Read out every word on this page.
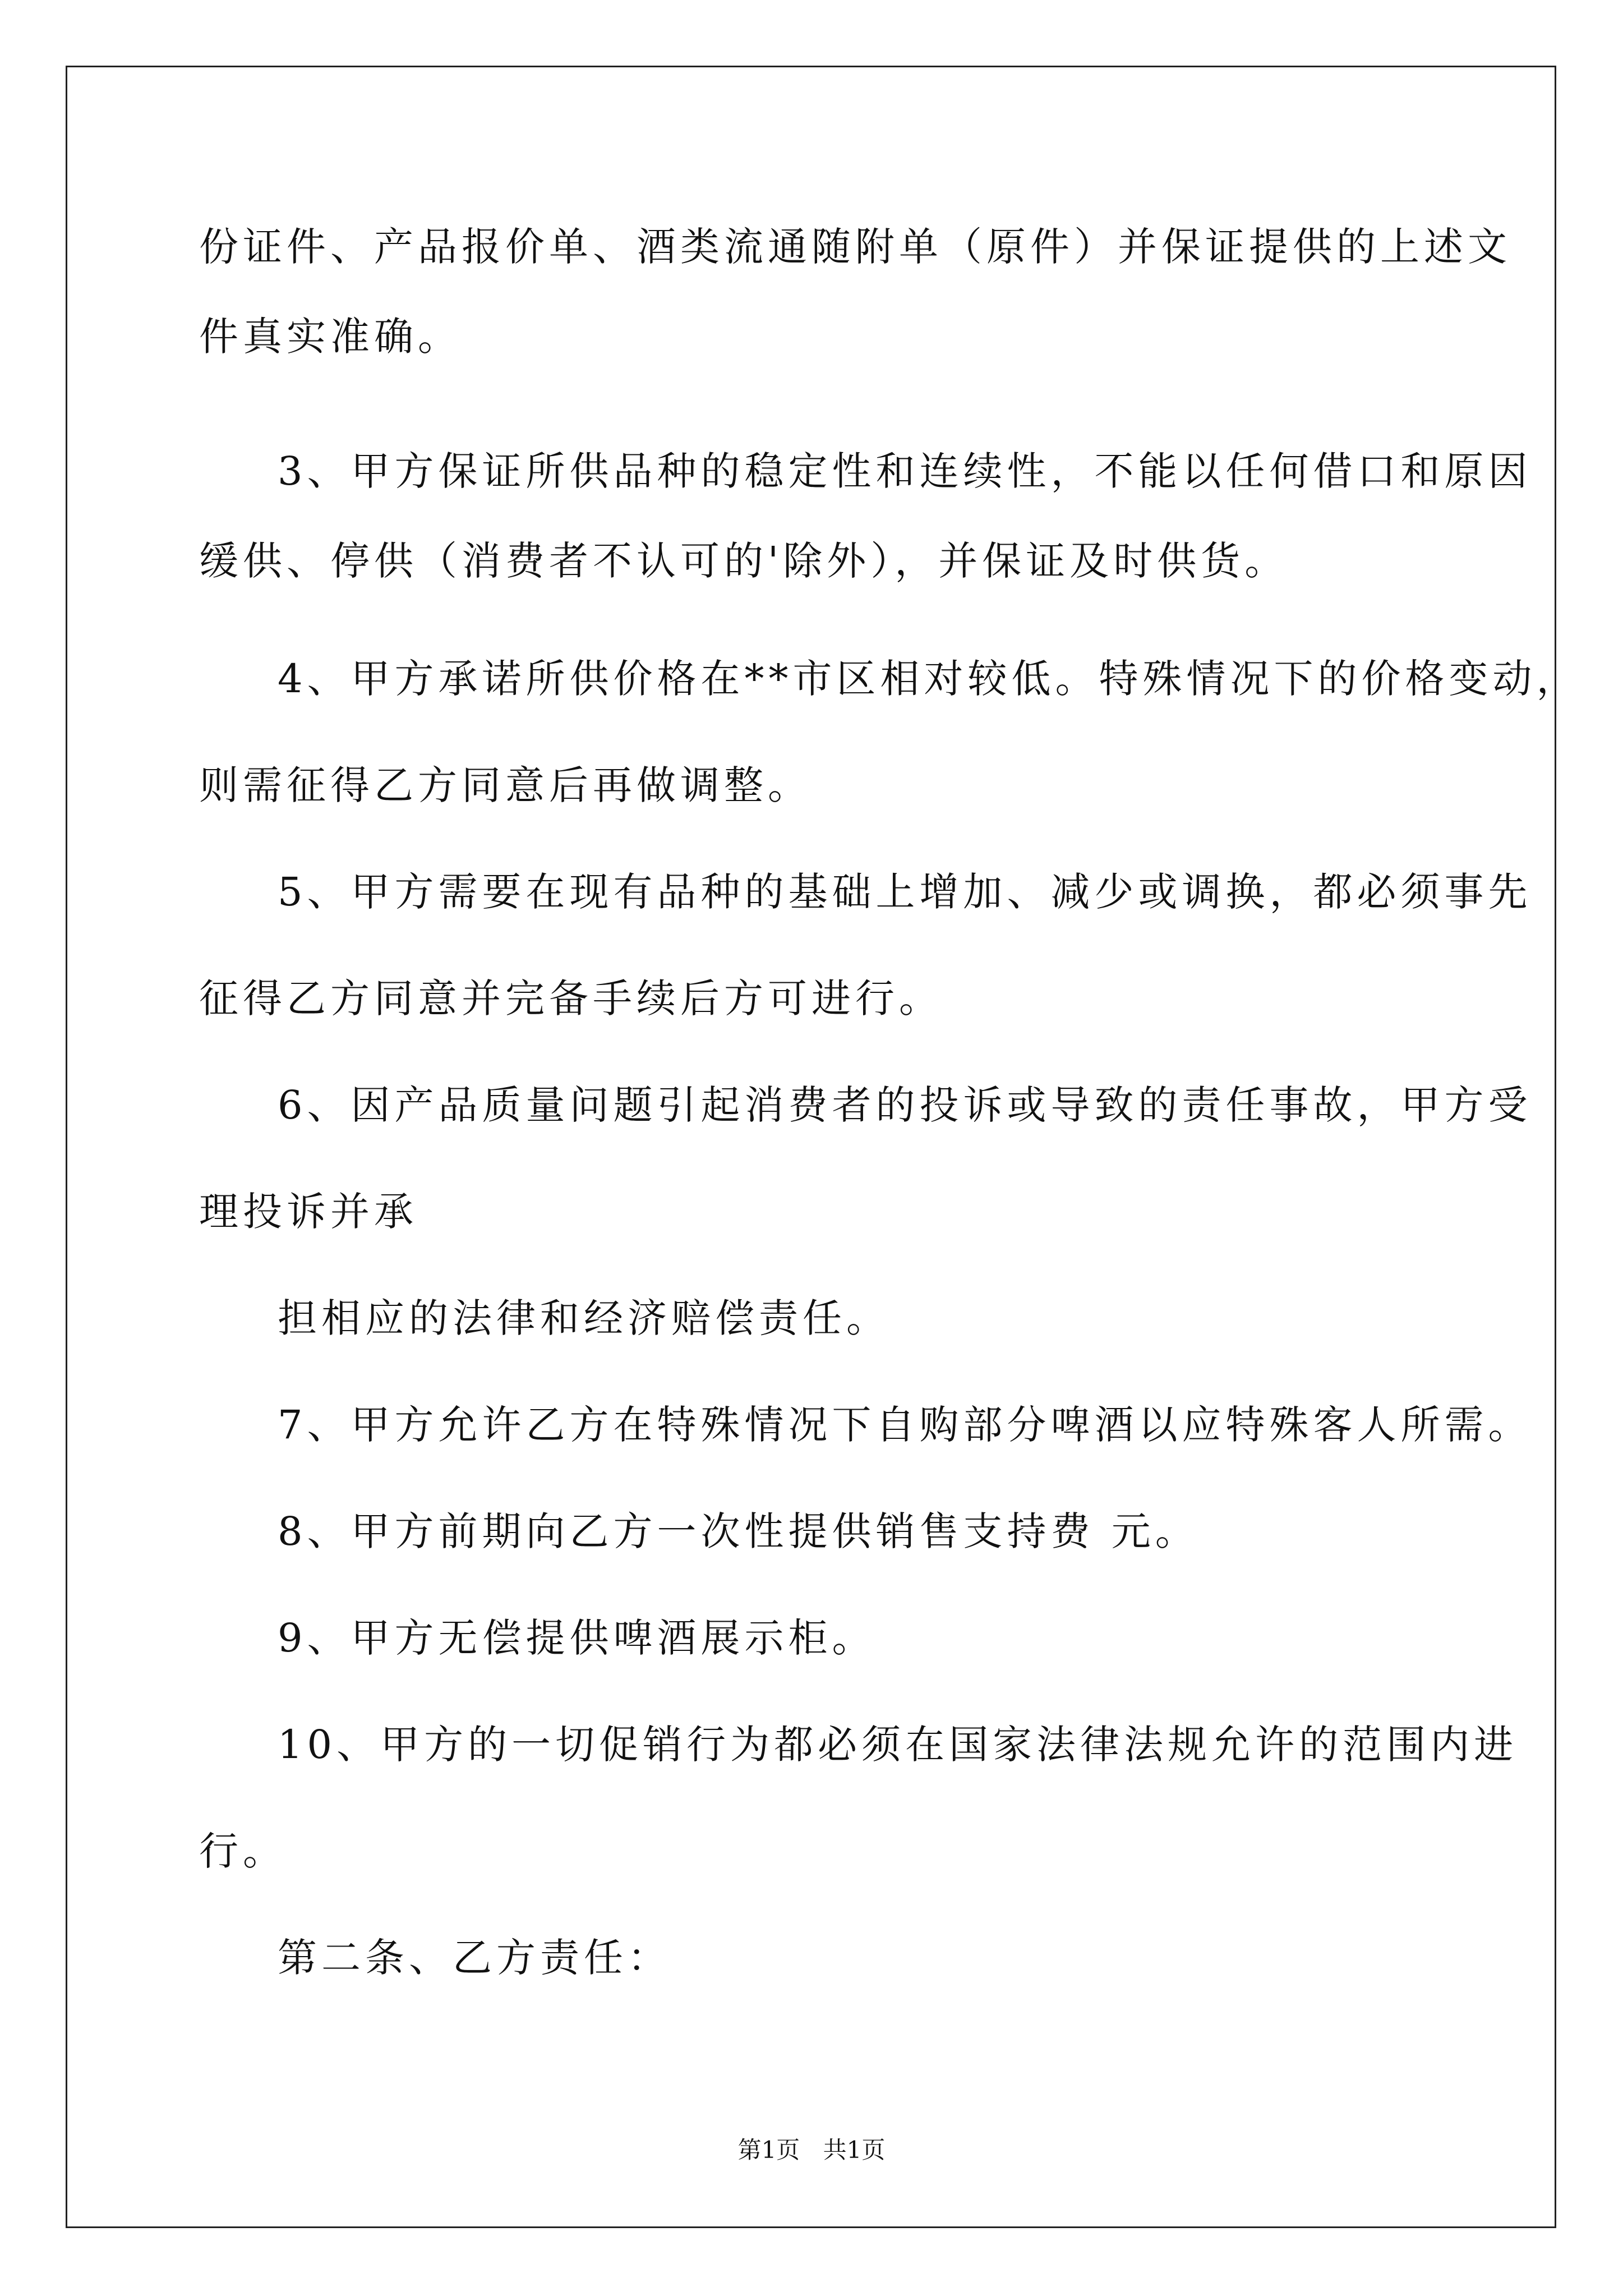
份证件、产品报价单、酒类流通随附单（原件）并保证提供的上述文
件真实准确。
3、甲方保证所供品种的稳定性和连续性，不能以任何借口和原因
缓供、停供（消费者不认可的'除外），并保证及时供货。
4、甲方承诺所供价格在**市区相对较低。特殊情况下的价格变动，
则需征得乙方同意后再做调整。
5、甲方需要在现有品种的基础上增加、减少或调换，都必须事先
征得乙方同意并完备手续后方可进行。
6、因产品质量问题引起消费者的投诉或导致的责任事故，甲方受
理投诉并承
担相应的法律和经济赔偿责任。
7、甲方允许乙方在特殊情况下自购部分啤酒以应特殊客人所需。
8、甲方前期向乙方一次性提供销售支持费 元。
9、甲方无偿提供啤酒展示柜。
10、甲方的一切促销行为都必须在国家法律法规允许的范围内进
行。
第二条、乙方责任：
第1页 共1页
